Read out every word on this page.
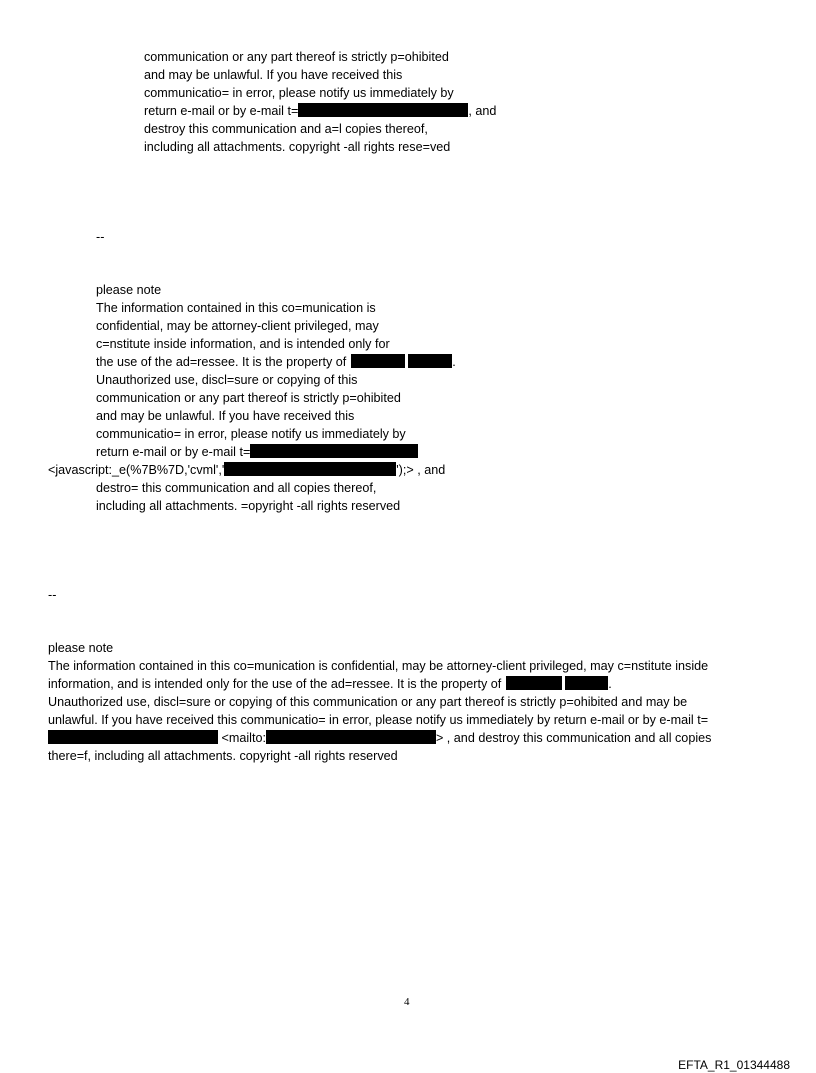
communication or any part thereof is strictly p=ohibited
and may be unlawful. If you have received this
communicatio= in error, please notify us immediately by
return e-mail or by e-mail t=	, and
destroy this communication and a=l copies thereof,
including all attachments. copyright -all rights rese=ved
--
please note
The information contained in this co=munication is
confidential, may be attorney-client privileged, may
c=nstitute inside information, and is intended only for
the use of the ad=ressee. It is the property of	.
Unauthorized use, discl=sure or copying of this
communication or any part thereof is strictly p=ohibited
and may be unlawful. If you have received this
communicatio= in error, please notify us immediately by
return e-mail or by e-mail t=
<javascript:_e(%7B%7D,'cvml','	');> , and
destro= this communication and all copies thereof,
including all attachments. =opyright -all rights reserved
--
please note
The information contained in this co=munication is confidential, may be attorney-client privileged, may c=nstitute inside
information, and is intended only for the use of the ad=ressee. It is the property of	.
Unauthorized use, discl=sure or copying of this communication or any part thereof is strictly p=ohibited and may be
unlawful. If you have received this communicatio= in error, please notify us immediately by return e-mail or by e-mail t=
<mailto:	> , and destroy this communication and all copies
there=f, including all attachments. copyright -all rights reserved
4
EFTA_R1_01344488
